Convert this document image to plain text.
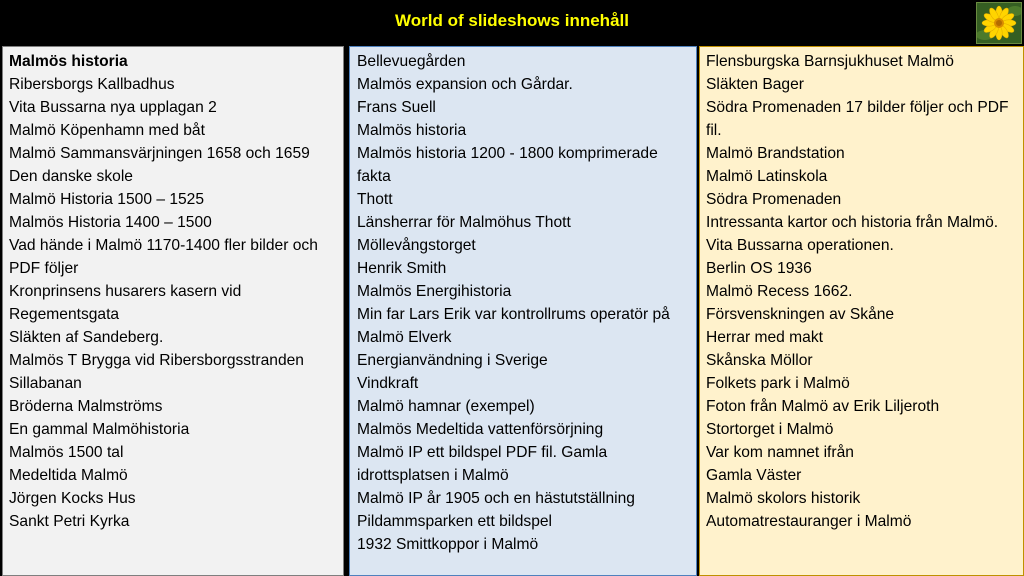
World of slideshows innehåll
Malmös historia
Ribersborgs Kallbadhus
Vita Bussarna nya upplagan 2
Malmö Köpenhamn med båt
Malmö Sammansvärjningen 1658 och 1659
Den danske skole
Malmö Historia 1500 – 1525
Malmös Historia 1400 – 1500
Vad hände i Malmö 1170-1400 fler bilder och PDF följer
Kronprinsens husarers kasern vid Regementsgata
Släkten af Sandeberg.
Malmös T Brygga vid Ribersborgsstranden
Sillabanan
Bröderna Malmströms
En gammal Malmöhistoria
Malmös 1500 tal
Medeltida Malmö
Jörgen Kocks Hus
Sankt Petri Kyrka
Bellevuegården
Malmös expansion och Gårdar.
Frans Suell
Malmös historia
Malmös historia 1200 - 1800 komprimerade fakta
Thott
Länsherrar för Malmöhus Thott
Möllevångstorget
Henrik Smith
Malmös Energihistoria
Min far Lars Erik var kontrollrums operatör på Malmö Elverk
Energianvändning i Sverige
Vindkraft
Malmö hamnar (exempel)
Malmös Medeltida vattenförsörjning
Malmö IP ett bildspel PDF fil. Gamla idrottsplatsen i Malmö
Malmö IP år 1905 och en hästutställning
Pildammsparken ett bildspel
1932 Smittkoppor i Malmö
Flensburgska Barnsjukhuset Malmö
Släkten Bager
Södra Promenaden 17 bilder följer och PDF fil.
Malmö Brandstation
Malmö Latinskola
Södra Promenaden
Intressanta kartor och historia från Malmö.
Vita Bussarna operationen.
Berlin OS 1936
Malmö Recess 1662.
Försvenskningen av Skåne
Herrar med makt
Skånska Möllor
Folkets park i Malmö
Foton från Malmö av Erik Liljeroth
Stortorget i Malmö
Var kom namnet ifrån
Gamla Väster
Malmö skolors historik
Automatrestauranger i Malmö
